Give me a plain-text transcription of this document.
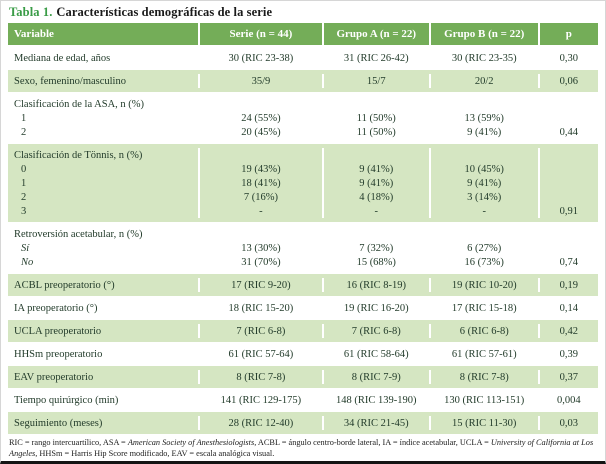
Tabla 1. Características demográficas de la serie
Variable	Serie (n = 44)	Grupo A (n = 22)	Grupo B (n = 22)	p
Mediana de edad, años	30 (RIC 23-38)	31 (RIC 26-42)	30 (RIC 23-35)	0,30
Sexo, femenino/masculino	35/9	15/7	20/2	0,06
Clasificación de la ASA, n (%)
1	24 (55%)	11 (50%)	13 (59%)
2	20 (45%)	11 (50%)	9 (41%)	0,44
Clasificación de Tönnis, n (%)
0	19 (43%)	9 (41%)	10 (45%)
1	18 (41%)	9 (41%)	9 (41%)
2	7 (16%)	4 (18%)	3 (14%)
3	-	-	-	0,91
Retroversión acetabular, n (%)
Sí	13 (30%)	7 (32%)	6 (27%)
No	31 (70%)	15 (68%)	16 (73%)	0,74
ACBL preoperatorio (°)	17 (RIC 9-20)	16 (RIC 8-19)	19 (RIC 10-20)	0,19
IA preoperatorio (°)	18 (RIC 15-20)	19 (RIC 16-20)	17 (RIC 15-18)	0,14
UCLA preoperatorio	7 (RIC 6-8)	7 (RIC 6-8)	6 (RIC 6-8)	0,42
HHSm preoperatorio	61 (RIC 57-64)	61 (RIC 58-64)	61 (RIC 57-61)	0,39
EAV preoperatorio	8 (RIC 7-8)	8 (RIC 7-9)	8 (RIC 7-8)	0,37
Tiempo quirúrgico (min)	141 (RIC 129-175)	148 (RIC 139-190)	130 (RIC 113-151)	0,004
Seguimiento (meses)	28 (RIC 12-40)	34 (RIC 21-45)	15 (RIC 11-30)	0,03
RIC = rango intercuartílico, ASA = American Society of Anesthesiologists, ACBL = ángulo centro-borde lateral, IA = índice acetabular, UCLA = University of California at Los Angeles, HHSm = Harris Hip Score modificado, EAV = escala analógica visual.
